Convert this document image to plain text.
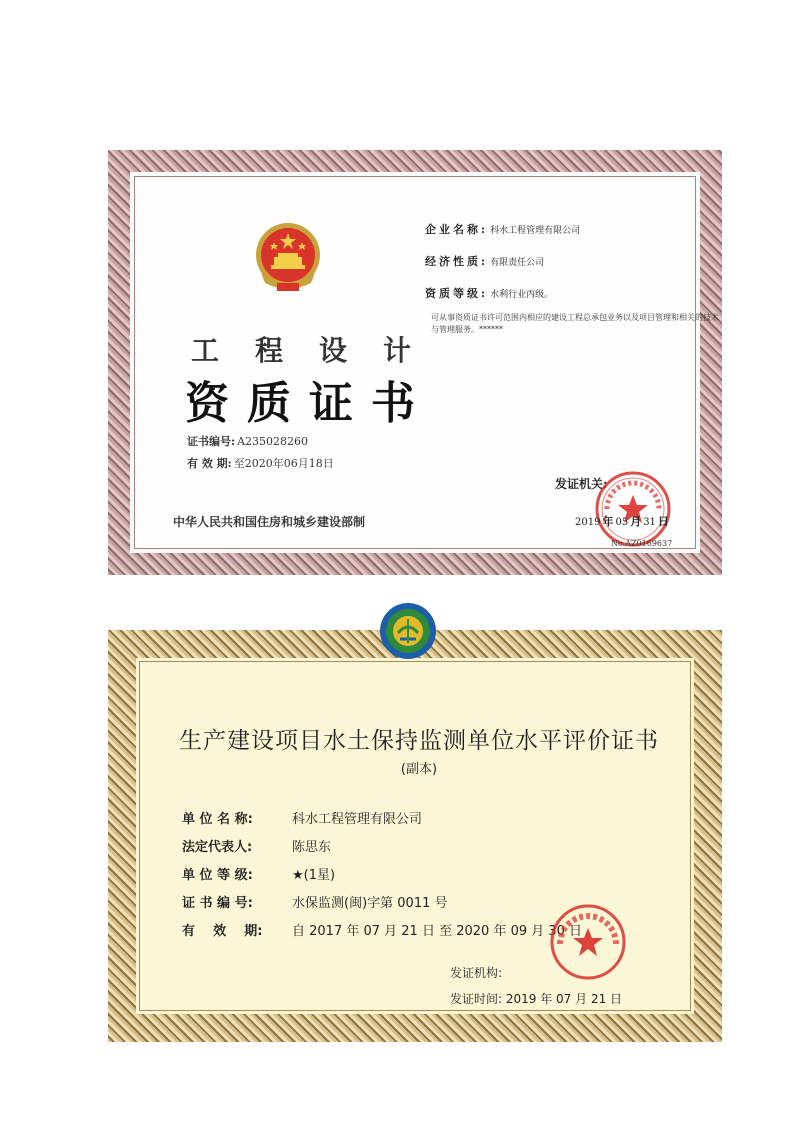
工程设计
资质证书
证书编号: A235028260
有 效 期: 至2020年06月18日
中华人民共和国住房和城乡建设部制
企业名称: 科水工程管理有限公司
经济性质: 有限责任公司
资质等级: 水利行业丙级。
可从事资质证书许可范围内相应的建设工程总承包业务以及项目管理和相关的技术与管理服务。******
发证机关:
2019 年 05 月 31 日
No.AZ0169637
生产建设项目水土保持监测单位水平评价证书
(副本)
单 位 名 称:	科水工程管理有限公司
法定代表人:	陈思东
单 位 等 级:	★(1星)
证 书 编 号:	水保监测(闽)字第 0011 号
有    效    期: 自 2017 年 07 月 21 日 至 2020 年 09 月 30 日
发证机构:
发证时间: 2019 年 07 月 21 日
